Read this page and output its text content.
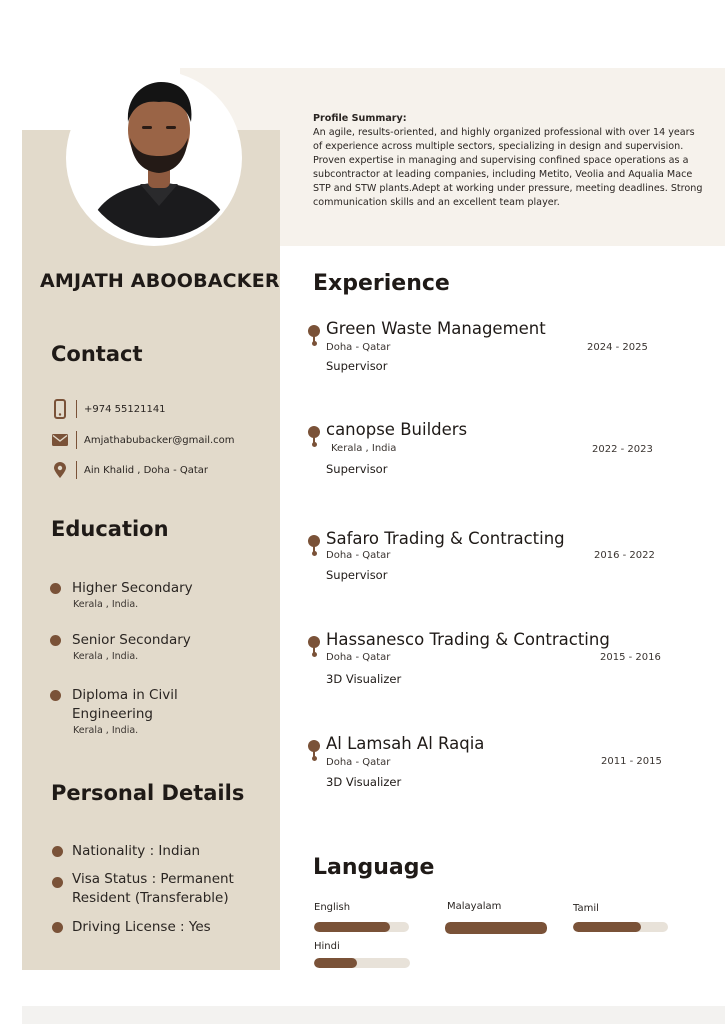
Profile Summary:
An agile, results-oriented, and highly organized professional with over 14 years of experience across multiple sectors, specializing in design and supervision. Proven expertise in managing and supervising confined space operations as a subcontractor at leading companies, including Metito, Veolia and Aqualia Mace STP and STW plants.Adept at working under pressure, meeting deadlines. Strong communication skills and an excellent team player.
AMJATH ABOOBACKER
Contact
+974 55121141
Amjathabubacker@gmail.com
Ain Khalid , Doha - Qatar
Education
Higher Secondary
Kerala , India.
Senior Secondary
Kerala , India.
Diploma in Civil
Engineering
Kerala , India.
Personal Details
Nationality : Indian
Visa Status : Permanent
Resident (Transferable)
Driving License : Yes
Experience
Green Waste Management
Doha - Qatar	2024 - 2025
Supervisor
canopse Builders
Kerala , India	2022 - 2023
Supervisor
Safaro Trading & Contracting
Doha - Qatar	2016 - 2022
Supervisor
Hassanesco Trading & Contracting
Doha - Qatar	2015 - 2016
3D Visualizer
Al Lamsah Al Raqia
Doha - Qatar	2011 - 2015
3D Visualizer
Language
English	Malayalam	Tamil
Hindi
